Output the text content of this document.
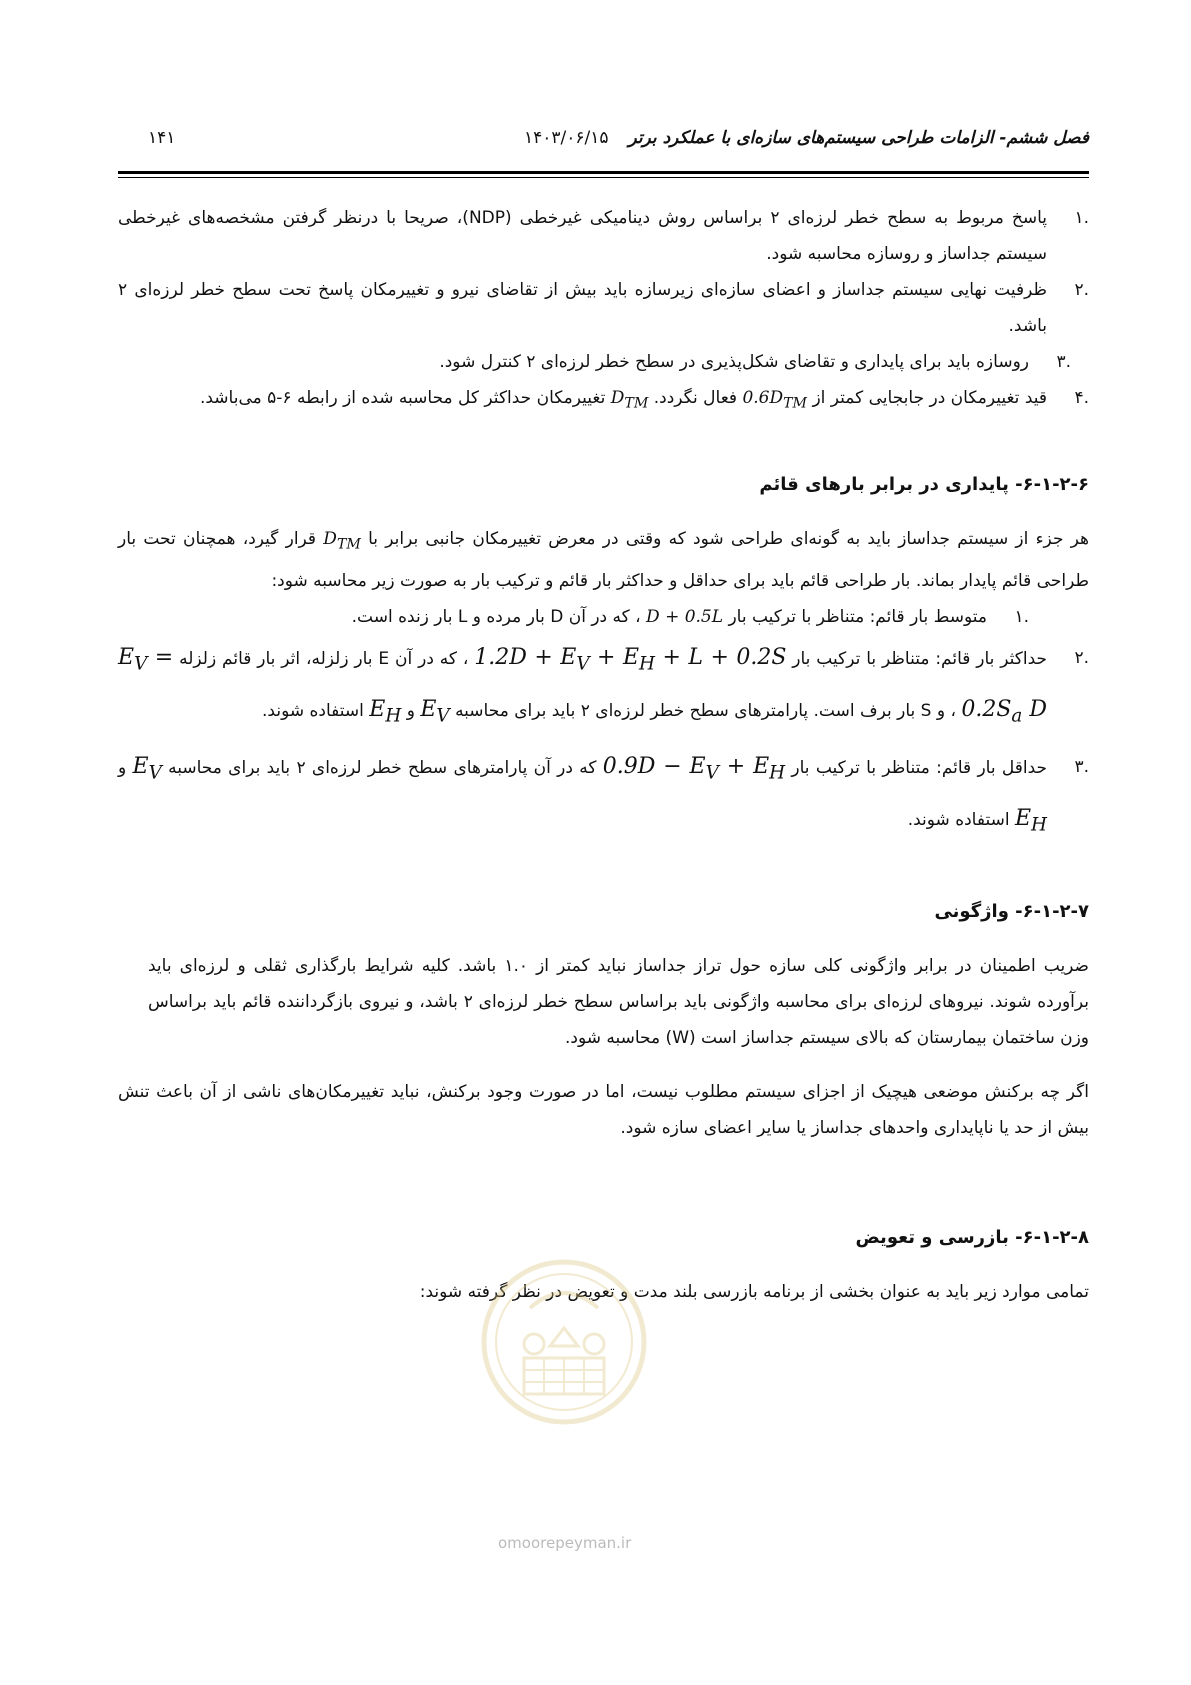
فصل ششم- الزامات طراحی سیستم‌های سازه‌ای با عملکرد برتر ۱۴۰۳/۰۶/۱۵
۱۴۱
.۱
پاسخ مربوط به سطح خطر لرزه‌ای ۲ براساس روش دینامیکی غیرخطی (NDP)، صریحا با درنظر گرفتن مشخصه‌های غیرخطی سیستم جداساز و روسازه محاسبه شود.
.۲
ظرفیت نهایی سیستم جداساز و اعضای سازه‌ای زیرسازه باید بیش از تقاضای نیرو و تغییرمکان پاسخ تحت سطح خطر لرزه‌ای ۲ باشد.
.۳
روسازه باید برای پایداری و تقاضای شکل‌پذیری در سطح خطر لرزه‌ای ۲ کنترل شود.
.۴
قید تغییرمکان در جابجایی کمتر از $0.6D_{TM}$ فعال نگردد. $D_{TM}$ تغییرمکان حداکثر کل محاسبه شده از رابطه ۶-۵ می‌باشد.
۶-۱-۲-۶- پایداری در برابر بارهای قائم

هر جزء از سیستم جداساز باید به گونه‌ای طراحی شود که وقتی در معرض تغییرمکان جانبی برابر با $D_{TM}$ قرار گیرد، همچنان تحت بار طراحی قائم پایدار بماند. بار طراحی قائم باید برای حداقل و حداکثر بار قائم و ترکیب بار به صورت زیر محاسبه شود:

.۱
متوسط بار قائم: متناظر با ترکیب بار D + 0.5L ، که در آن D بار مرده و L بار زنده است.
.۲
حداکثر بار قائم: متناظر با ترکیب بار $1.2D + E_V + E_H + L + 0.2S$ ، که در آن E بار زلزله، اثر بار قائم زلزله $E_V = 0.2S_a$ D ، و S بار برف است. پارامترهای سطح خطر لرزه‌ای ۲ باید برای محاسبه $E_V$ و $E_H$ استفاده شوند.
.۳
حداقل بار قائم: متناظر با ترکیب بار $0.9D - E_V + E_H$ که در آن پارامترهای سطح خطر لرزه‌ای ۲ باید برای محاسبه $E_V$ و $E_H$ استفاده شوند.
۶-۱-۲-۷- واژگونی

ضریب اطمینان در برابر واژگونی کلی سازه حول تراز جداساز نباید کمتر از ۱.۰ باشد. کلیه شرایط بارگذاری ثقلی و لرزه‌ای باید برآورده شوند. نیروهای لرزه‌ای برای محاسبه واژگونی باید براساس سطح خطر لرزه‌ای ۲ باشد، و نیروی بازگرداننده قائم باید براساس وزن ساختمان بیمارستان که بالای سیستم جداساز است (W) محاسبه شود.

اگر چه برکنش موضعی هیچیک از اجزای سیستم مطلوب نیست، اما در صورت وجود برکنش، نباید تغییرمکان‌های ناشی از آن باعث تنش بیش از حد یا ناپایداری واحدهای جداساز یا سایر اعضای سازه شود.

۶-۱-۲-۸- بازرسی و تعویض

تمامی موارد زیر باید به عنوان بخشی از برنامه بازرسی بلند مدت و تعویض در نظر گرفته شوند:

omoorepeyman.ir
